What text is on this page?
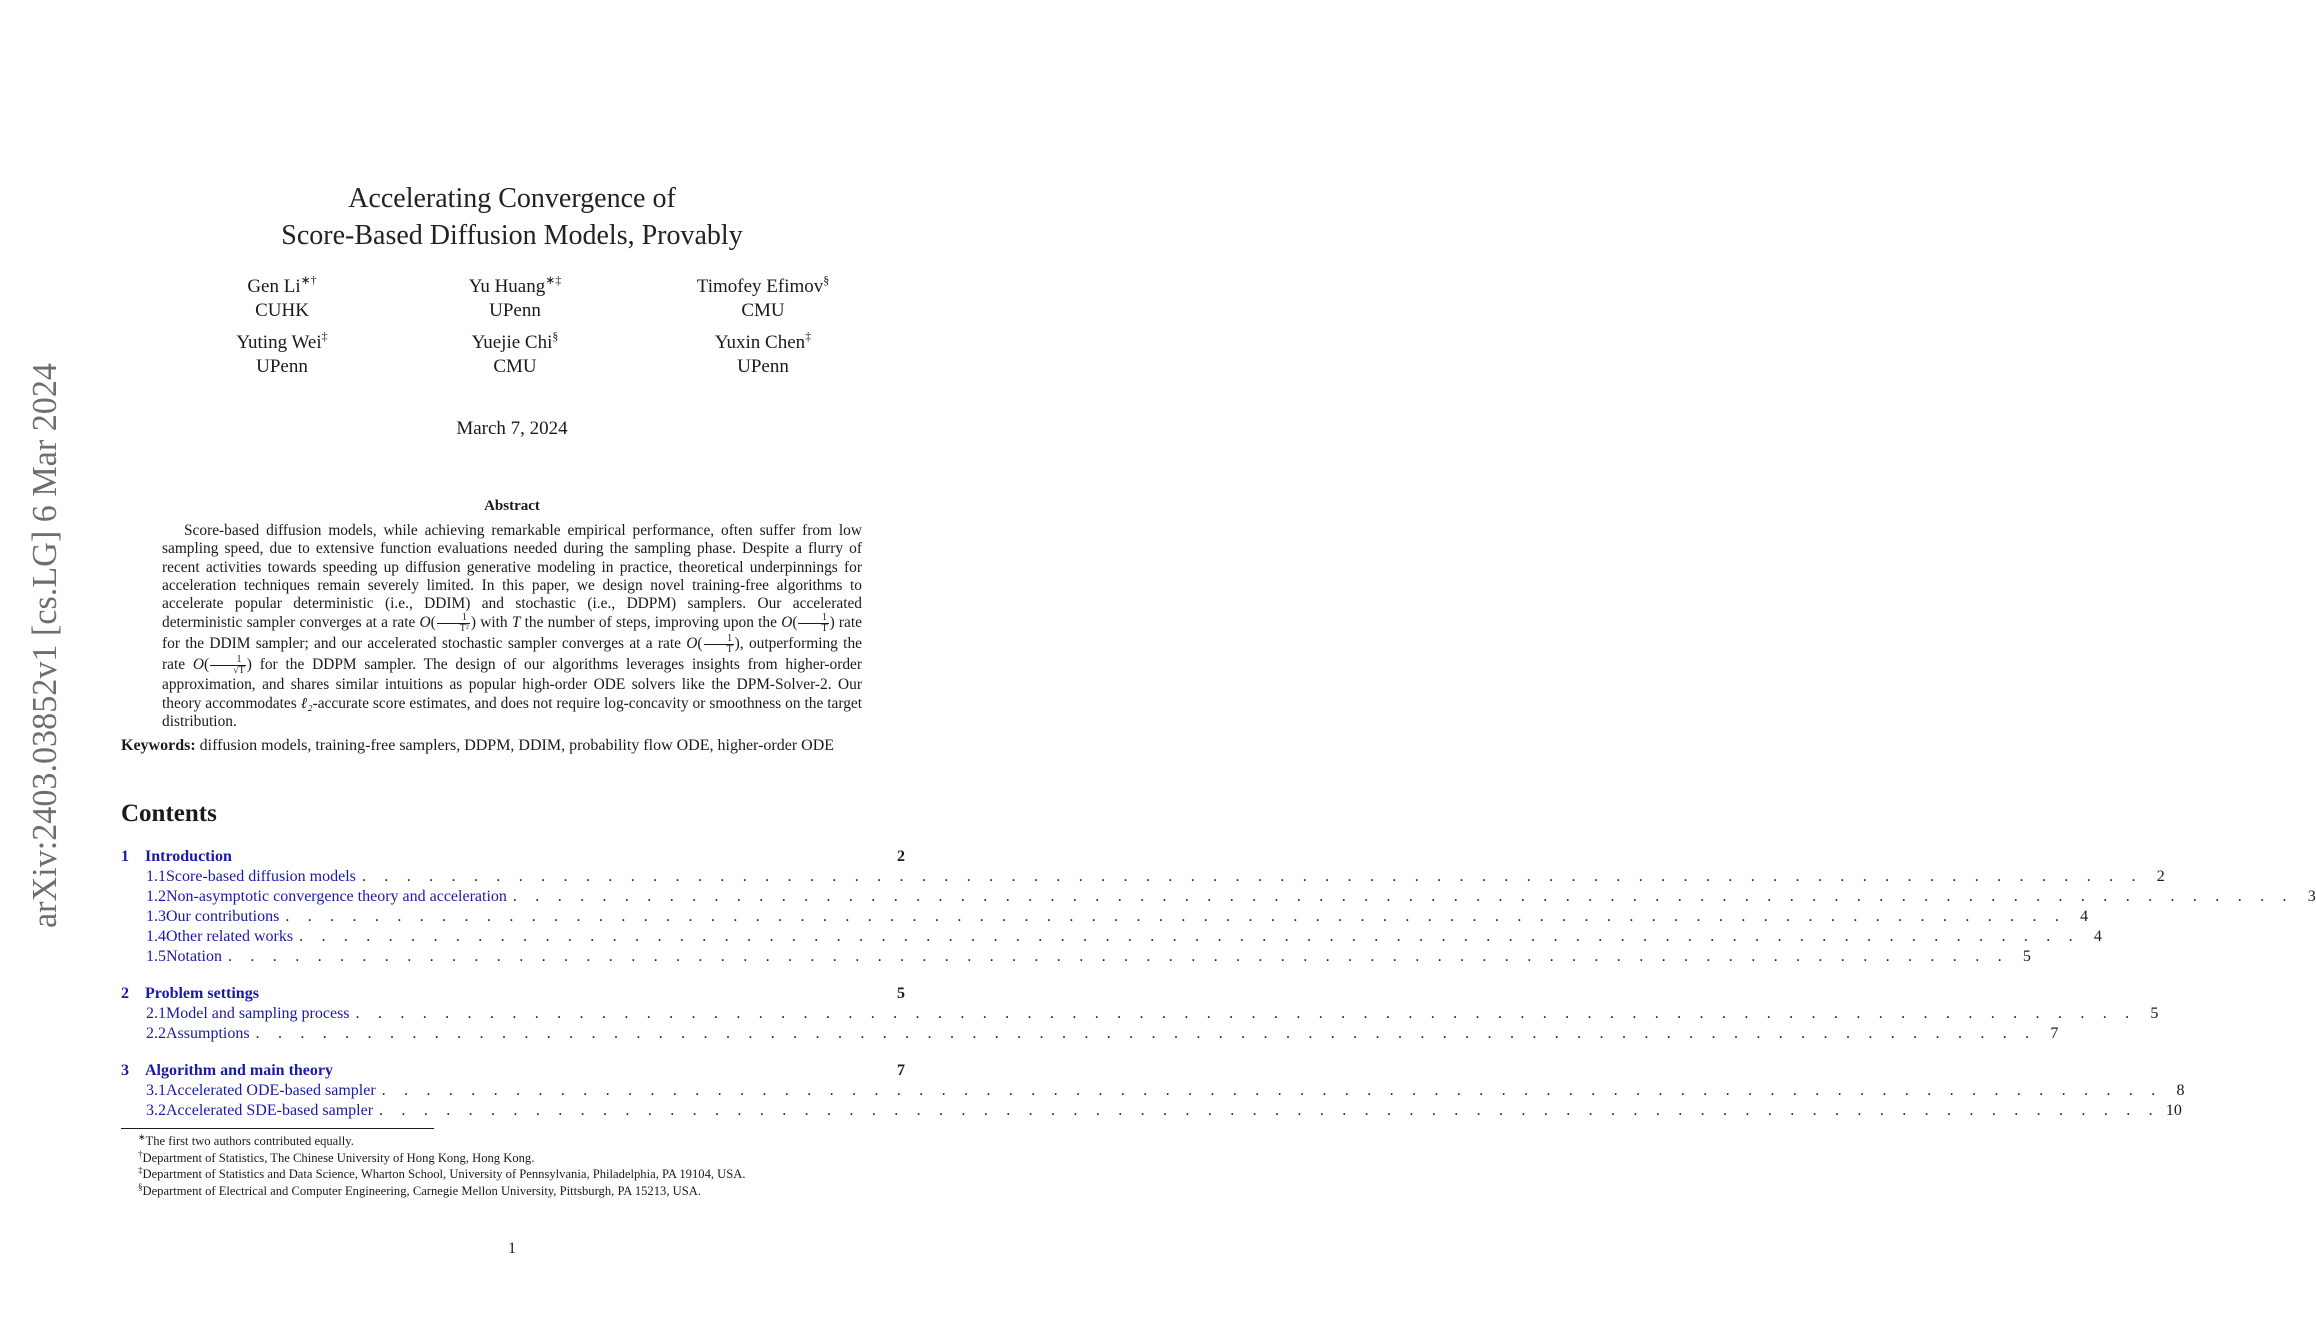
arXiv:2403.03852v1 [cs.LG] 6 Mar 2024
Accelerating Convergence of
Score-Based Diffusion Models, Provably
Gen Li∗†
CUHK
Yu Huang∗‡
UPenn
Timofey Efimov§
CMU
Yuting Wei‡
UPenn
Yuejie Chi§
CMU
Yuxin Chen‡
UPenn
March 7, 2024
Abstract
Score-based diffusion models, while achieving remarkable empirical performance, often suffer from low sampling speed, due to extensive function evaluations needed during the sampling phase. Despite a flurry of recent activities towards speeding up diffusion generative modeling in practice, theoretical underpinnings for acceleration techniques remain severely limited. In this paper, we design novel training-free algorithms to accelerate popular deterministic (i.e., DDIM) and stochastic (i.e., DDPM) samplers. Our accelerated deterministic sampler converges at a rate $O( \frac{1}{\text{T²}}$ ) with T the number of steps, improving upon the $O( \frac{1}{T}$ ) rate for the DDIM sampler; and our accelerated stochastic sampler converges at a rate $O( \frac{1}{T}$ ), outperforming the rate $O( \frac{1}{√T}$ ) for the DDPM sampler. The design of our algorithms leverages insights from higher-order approximation, and shares similar intuitions as popular high-order ODE solvers like the DPM-Solver-2. Our theory accommodates ℓ₂-accurate score estimates, and does not require log-concavity or smoothness on the target distribution.
Keywords: diffusion models, training-free samplers, DDPM, DDIM, probability flow ODE, higher-order ODE
Contents
1	Introduction	2
1.1 Score-based diffusion models . . . . . . . . . . . . . . . . . . . . . . . . . . . . . . . . . . . . . . . . . . . . . . . . . . . . . . . . . . . . . . . . . . . . . . . . . . . . . . . . 2
1.2 Non-asymptotic convergence theory and acceleration . . . . . . . . . . . . . . . . . . . . . . . . . . . . . . . . . . . . . . . . . . . . . . . . . . . . . . . . . . . . . . . . . . . . . . . . . . . . . . . . 3
1.3 Our contributions . . . . . . . . . . . . . . . . . . . . . . . . . . . . . . . . . . . . . . . . . . . . . . . . . . . . . . . . . . . . . . . . . . . . . . . . . . . . . . . . 4
1.4 Other related works . . . . . . . . . . . . . . . . . . . . . . . . . . . . . . . . . . . . . . . . . . . . . . . . . . . . . . . . . . . . . . . . . . . . . . . . . . . . . . . . 4
1.5 Notation . . . . . . . . . . . . . . . . . . . . . . . . . . . . . . . . . . . . . . . . . . . . . . . . . . . . . . . . . . . . . . . . . . . . . . . . . . . . . . . . 5
2	Problem settings	5
2.1 Model and sampling process . . . . . . . . . . . . . . . . . . . . . . . . . . . . . . . . . . . . . . . . . . . . . . . . . . . . . . . . . . . . . . . . . . . . . . . . . . . . . . . . 5
2.2 Assumptions . . . . . . . . . . . . . . . . . . . . . . . . . . . . . . . . . . . . . . . . . . . . . . . . . . . . . . . . . . . . . . . . . . . . . . . . . . . . . . . . 7
3	Algorithm and main theory	7
3.1 Accelerated ODE-based sampler . . . . . . . . . . . . . . . . . . . . . . . . . . . . . . . . . . . . . . . . . . . . . . . . . . . . . . . . . . . . . . . . . . . . . . . . . . . . . . . . 8
3.2 Accelerated SDE-based sampler . . . . . . . . . . . . . . . . . . . . . . . . . . . . . . . . . . . . . . . . . . . . . . . . . . . . . . . . . . . . . . . . . . . . . . . . . . . . . . . . 10
∗The first two authors contributed equally.
†Department of Statistics, The Chinese University of Hong Kong, Hong Kong.
‡Department of Statistics and Data Science, Wharton School, University of Pennsylvania, Philadelphia, PA 19104, USA.
§Department of Electrical and Computer Engineering, Carnegie Mellon University, Pittsburgh, PA 15213, USA.
1
